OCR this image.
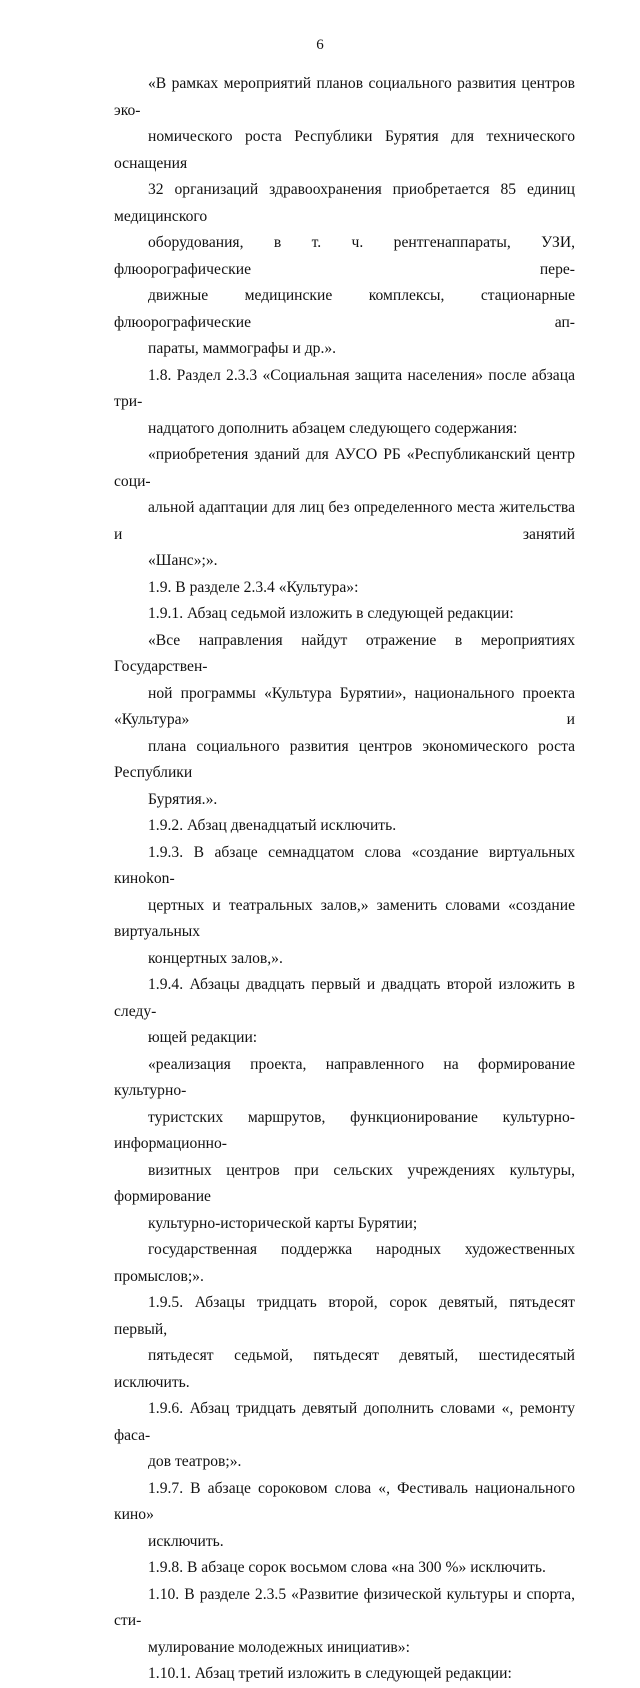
6
«В рамках мероприятий планов социального развития центров эко-
номического роста Республики Бурятия для технического оснащения
32 организаций здравоохранения приобретается 85 единиц медицинского
оборудования, в т. ч. рентгенаппараты, УЗИ, флюорографические пере-
движные медицинские комплексы, стационарные флюорографические ап-
параты, маммографы и др.».
1.8. Раздел 2.3.3 «Социальная защита населения» после абзаца три-
надцатого дополнить абзацем следующего содержания:
«приобретения зданий для АУСО РБ «Республиканский центр соци-
альной адаптации для лиц без определенного места жительства и занятий
«Шанс»;».
1.9. В разделе 2.3.4 «Культура»:
1.9.1. Абзац седьмой изложить в следующей редакции:
«Все направления найдут отражение в мероприятиях Государствен-
ной программы «Культура Бурятии», национального проекта «Культура» и
плана социального развития центров экономического роста Республики
Бурятия.».
1.9.2. Абзац двенадцатый исключить.
1.9.3. В абзаце семнадцатом слова «создание виртуальных киноkon-
цертных и театральных залов,» заменить словами «создание виртуальных
концертных залов,».
1.9.4. Абзацы двадцать первый и двадцать второй изложить в следу-
ющей редакции:
«реализация проекта, направленного на формирование культурно-
туристских маршрутов, функционирование культурно-информационно-
визитных центров при сельских учреждениях культуры, формирование
культурно-исторической карты Бурятии;
государственная поддержка народных художественных промыслов;».
1.9.5. Абзацы тридцать второй, сорок девятый, пятьдесят первый,
пятьдесят седьмой, пятьдесят девятый, шестидесятый исключить.
1.9.6. Абзац тридцать девятый дополнить словами «, ремонту фаса-
дов театров;».
1.9.7. В абзаце сороковом слова «, Фестиваль национального кино»
исключить.
1.9.8. В абзаце сорок восьмом слова «на 300 %» исключить.
1.10. В разделе 2.3.5 «Развитие физической культуры и спорта, сти-
мулирование молодежных инициатив»:
1.10.1. Абзац третий изложить в следующей редакции:
